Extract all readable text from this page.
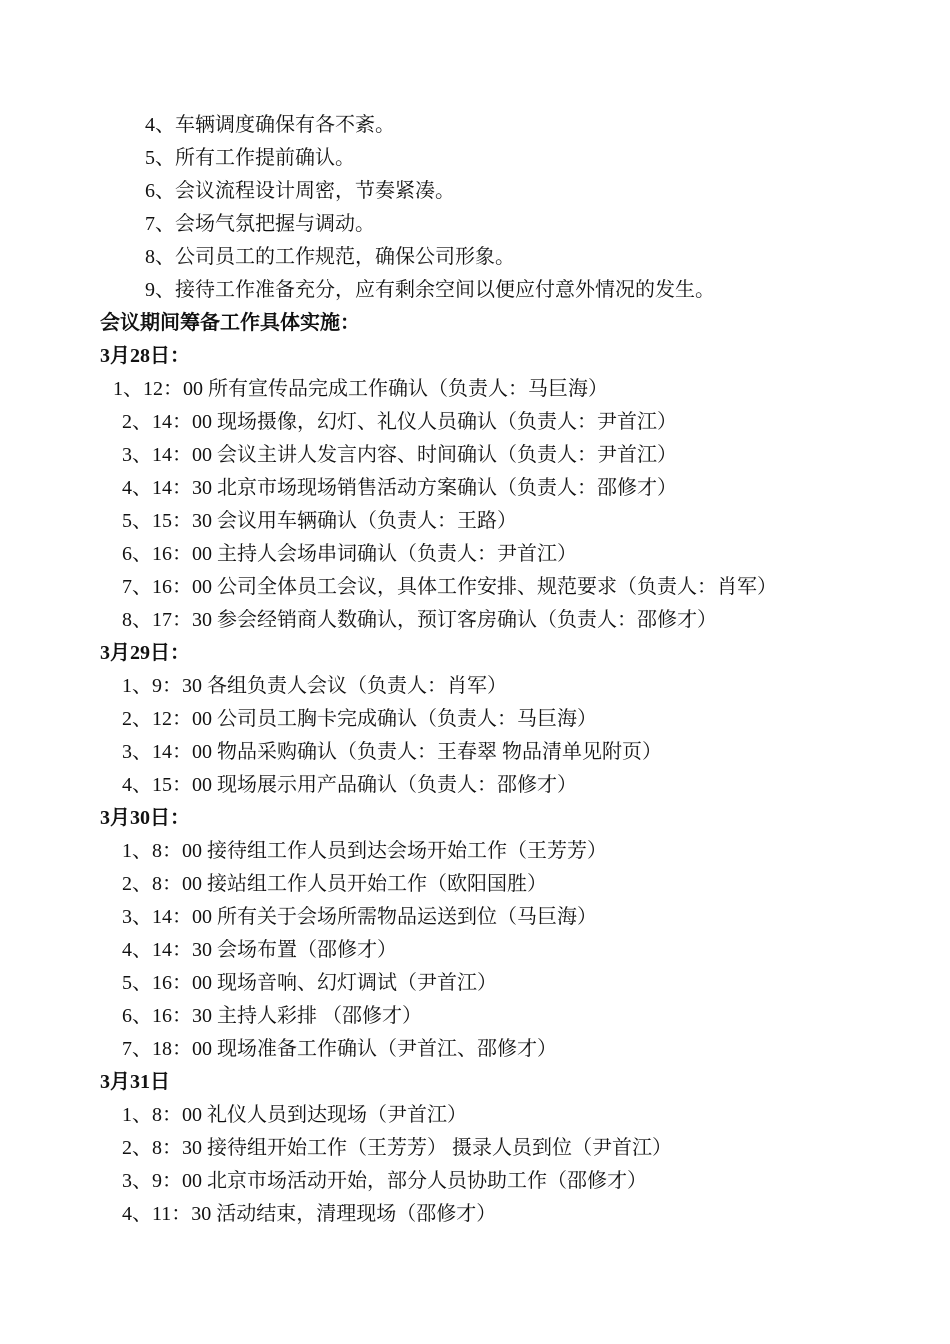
4、车辆调度确保有各不紊。
5、所有工作提前确认。
6、会议流程设计周密，节奏紧凑。
7、会场气氛把握与调动。
8、公司员工的工作规范，确保公司形象。
9、接待工作准备充分，应有剩余空间以便应付意外情况的发生。
会议期间筹备工作具体实施：
3月28日：
1、12：00 所有宣传品完成工作确认（负责人：马巨海）
2、14：00 现场摄像，幻灯、礼仪人员确认（负责人：尹首江）
3、14：00 会议主讲人发言内容、时间确认（负责人：尹首江）
4、14：30 北京市场现场销售活动方案确认（负责人：邵修才）
5、15：30 会议用车辆确认（负责人：王路）
6、16：00 主持人会场串词确认（负责人：尹首江）
7、16：00 公司全体员工会议，具体工作安排、规范要求（负责人：肖军）
8、17：30 参会经销商人数确认，预订客房确认（负责人：邵修才）
3月29日：
1、9：30 各组负责人会议（负责人：肖军）
2、12：00 公司员工胸卡完成确认（负责人：马巨海）
3、14：00 物品采购确认（负责人：王春翠 物品清单见附页）
4、15：00 现场展示用产品确认（负责人：邵修才）
3月30日：
1、8：00 接待组工作人员到达会场开始工作（王芳芳）
2、8：00 接站组工作人员开始工作（欧阳国胜）
3、14：00 所有关于会场所需物品运送到位（马巨海）
4、14：30 会场布置（邵修才）
5、16：00 现场音响、幻灯调试（尹首江）
6、16：30 主持人彩排 （邵修才）
7、18：00 现场准备工作确认（尹首江、邵修才）
3月31日
1、8：00 礼仪人员到达现场（尹首江）
2、8：30 接待组开始工作（王芳芳） 摄录人员到位（尹首江）
3、9：00 北京市场活动开始，部分人员协助工作（邵修才）
4、11：30 活动结束，清理现场（邵修才）
